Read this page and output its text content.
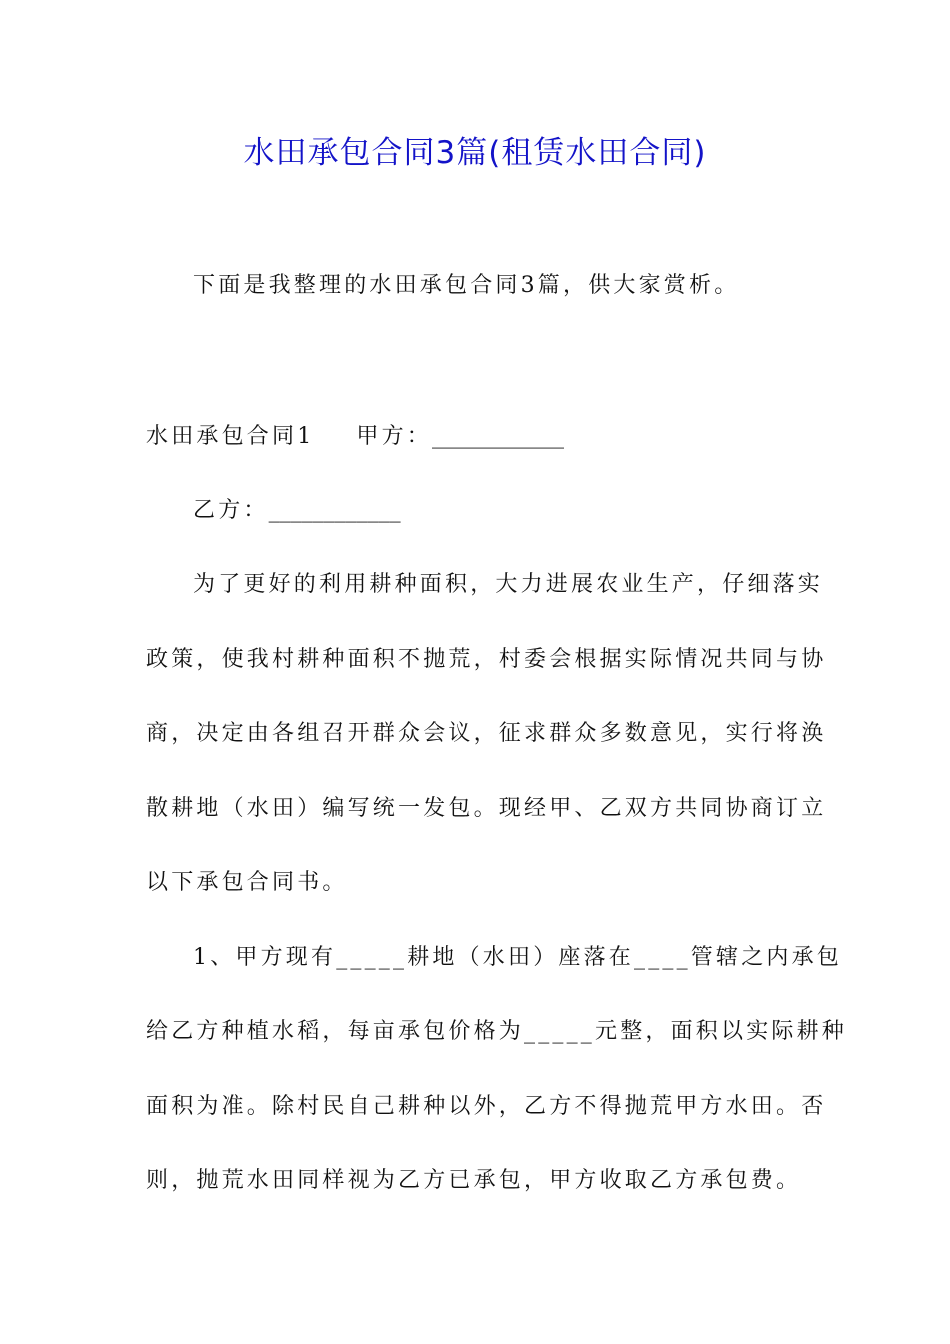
水田承包合同3篇(租赁水田合同)
下面是我整理的水田承包合同3篇，供大家赏析。
水田承包合同1 甲方：____________
乙方：____________
为了更好的利用耕种面积，大力进展农业生产，仔细落实
政策，使我村耕种面积不抛荒，村委会根据实际情况共同与协
商，决定由各组召开群众会议，征求群众多数意见，实行将涣
散耕地（水田）编写统一发包。现经甲、乙双方共同协商订立
以下承包合同书。
1、甲方现有_____耕地（水田）座落在____管辖之内承包
给乙方种植水稻，每亩承包价格为_____元整，面积以实际耕种
面积为准。除村民自己耕种以外，乙方不得抛荒甲方水田。否
则，抛荒水田同样视为乙方已承包，甲方收取乙方承包费。
